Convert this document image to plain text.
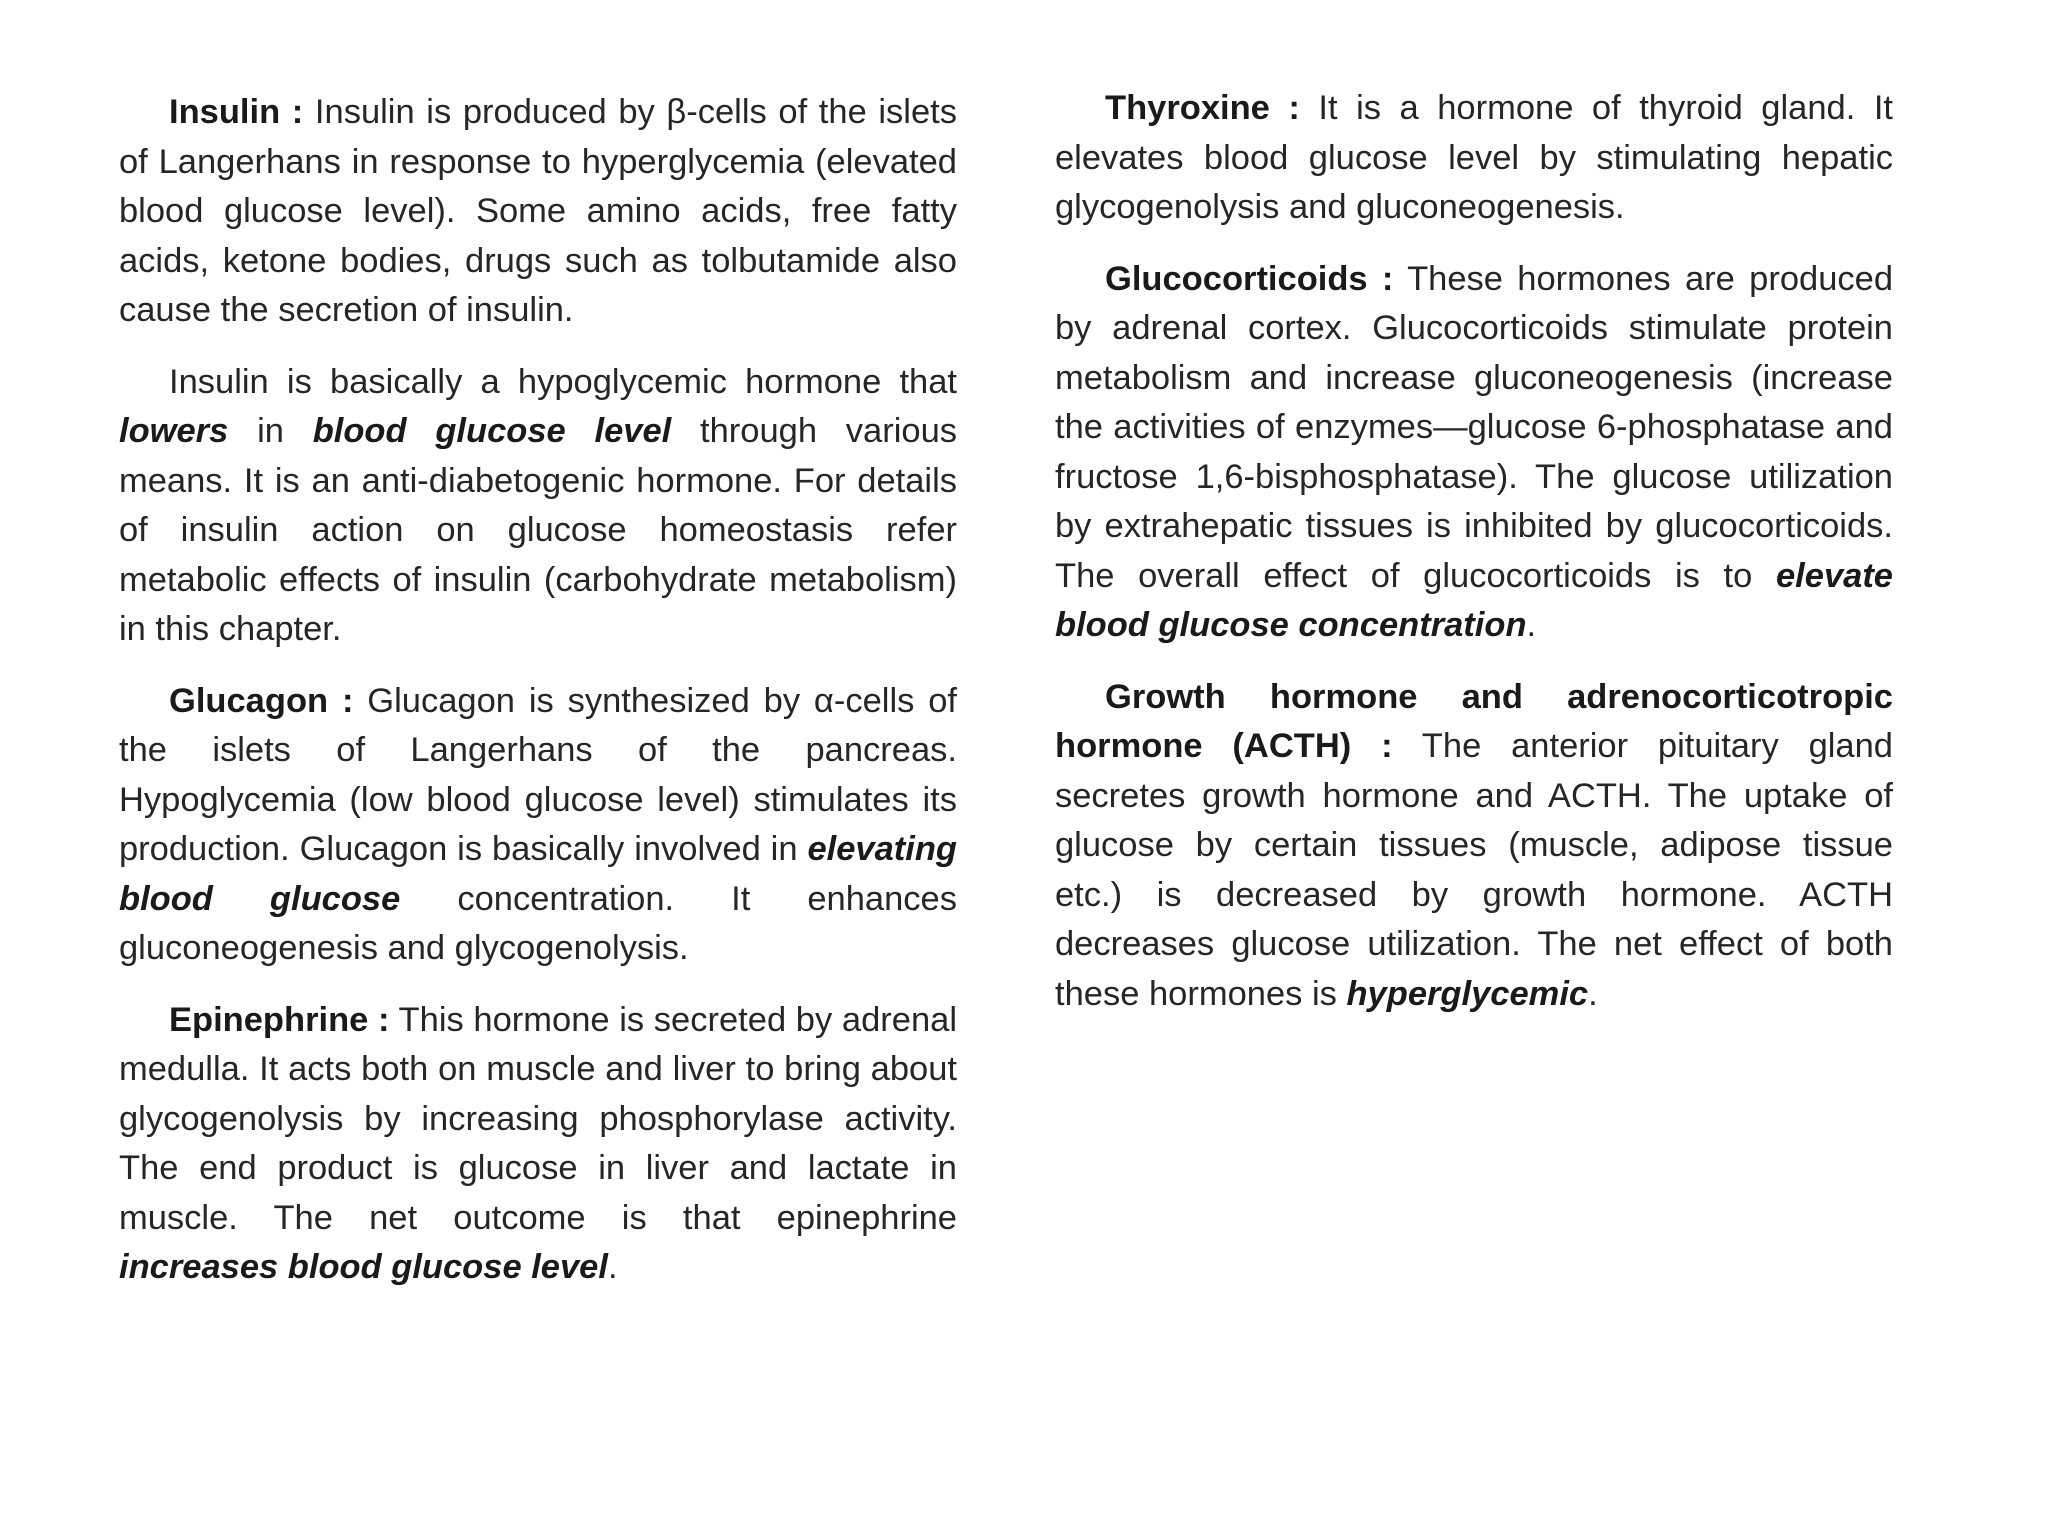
Insulin : Insulin is produced by β-cells of the islets of Langerhans in response to hyperglycemia (elevated blood glucose level). Some amino acids, free fatty acids, ketone bodies, drugs such as tolbutamide also cause the secretion of insulin.

Insulin is basically a hypoglycemic hormone that lowers in blood glucose level through various means. It is an anti-diabetogenic hormone. For details of insulin action on glucose homeostasis refer metabolic effects of insulin (carbohydrate metabolism) in this chapter.

Glucagon : Glucagon is synthesized by α-cells of the islets of Langerhans of the pancreas. Hypoglycemia (low blood glucose level) stimulates its production. Glucagon is basically involved in elevating blood glucose concentration. It enhances gluconeogenesis and glycogenolysis.

Epinephrine : This hormone is secreted by adrenal medulla. It acts both on muscle and liver to bring about glycogenolysis by increasing phosphorylase activity. The end product is glucose in liver and lactate in muscle. The net outcome is that epinephrine increases blood glucose level.

Thyroxine : It is a hormone of thyroid gland. It elevates blood glucose level by stimulating hepatic glycogenolysis and gluconeogenesis.

Glucocorticoids : These hormones are produced by adrenal cortex. Glucocorticoids stimulate protein metabolism and increase gluconeogenesis (increase the activities of enzymes—glucose 6-phosphatase and fructose 1,6-bisphosphatase). The glucose utilization by extrahepatic tissues is inhibited by glucocorticoids. The overall effect of glucocorticoids is to elevate blood glucose concentration.

Growth hormone and adrenocorticotropic hormone (ACTH) : The anterior pituitary gland secretes growth hormone and ACTH. The uptake of glucose by certain tissues (muscle, adipose tissue etc.) is decreased by growth hormone. ACTH decreases glucose utilization. The net effect of both these hormones is hyperglycemic.
